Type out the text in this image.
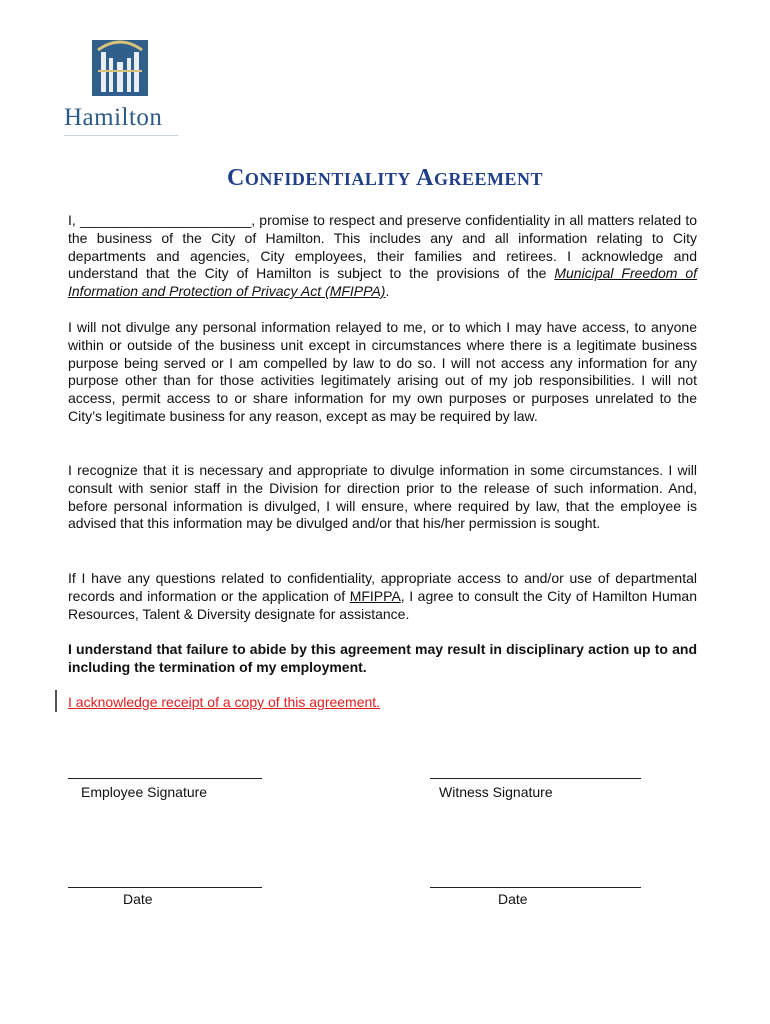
Hamilton
CONFIDENTIALITY AGREEMENT

I, ______________________, promise to respect and preserve confidentiality in all matters related to the business of the City of Hamilton. This includes any and all information relating to City departments and agencies, City employees, their families and retirees. I acknowledge and understand that the City of Hamilton is subject to the provisions of the Municipal Freedom of Information and Protection of Privacy Act (MFIPPA).

I will not divulge any personal information relayed to me, or to which I may have access, to anyone within or outside of the business unit except in circumstances where there is a legitimate business purpose being served or I am compelled by law to do so. I will not access any information for any purpose other than for those activities legitimately arising out of my job responsibilities. I will not access, permit access to or share information for my own purposes or purposes unrelated to the City’s legitimate business for any reason, except as may be required by law.

I recognize that it is necessary and appropriate to divulge information in some circumstances. I will consult with senior staff in the Division for direction prior to the release of such information. And, before personal information is divulged, I will ensure, where required by law, that the employee is advised that this information may be divulged and/or that his/her permission is sought.

If I have any questions related to confidentiality, appropriate access to and/or use of departmental records and information or the application of MFIPPA, I agree to consult the City of Hamilton Human Resources, Talent & Diversity designate for assistance.

I understand that failure to abide by this agreement may result in disciplinary action up to and including the termination of my employment.

I acknowledge receipt of a copy of this agreement.
Employee Signature	Witness Signature
Date	Date
